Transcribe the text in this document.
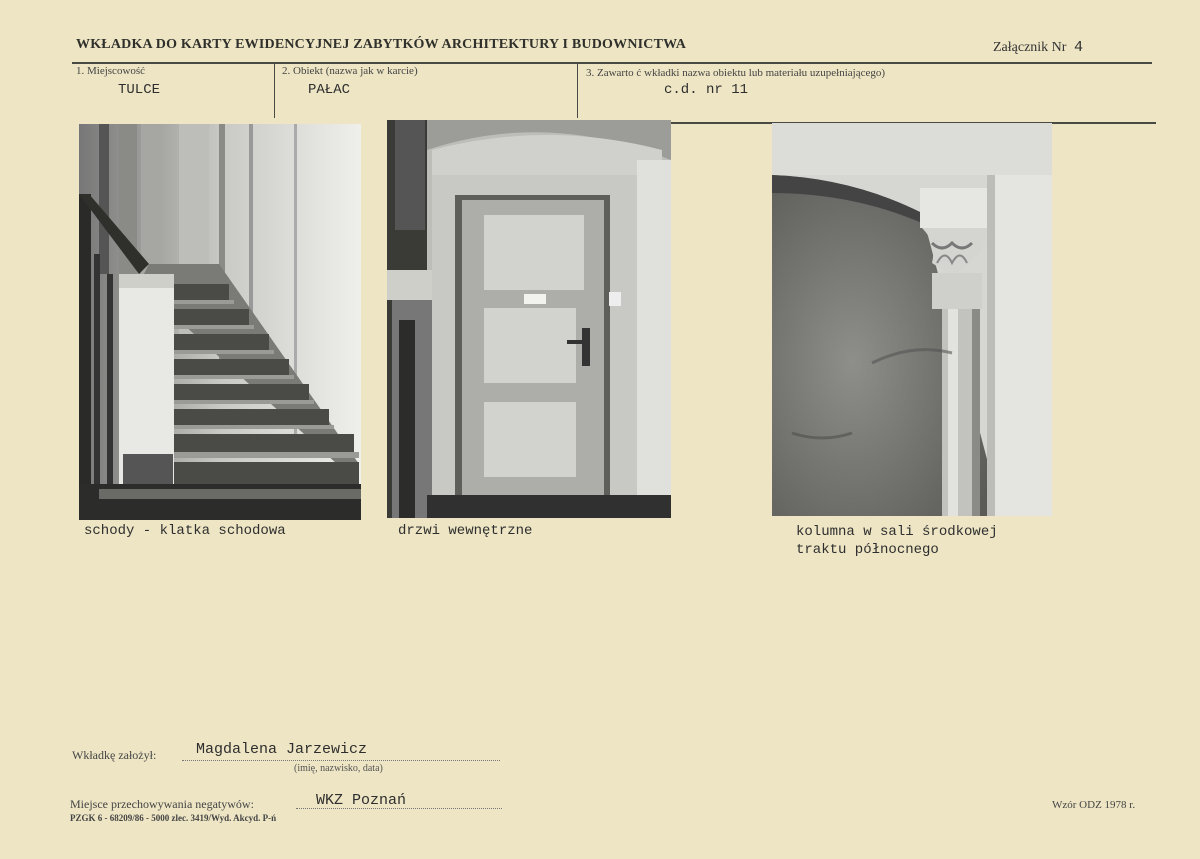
WKŁADKA DO KARTY EWIDENCYJNEJ ZABYTKÓW ARCHITEKTURY I BUDOWNICTWA	Załącznik Nr 4
1. Miejscowość	2. Obiekt (nazwa jak w karcie)	3. Zawarto ć wkładki nazwa obiektu lub materiału uzupełniającego)
TULCE	PAŁAC	c.d. nr 11
schody - klatka schodowa	drzwi wewnętrzne	kolumna w sali środkowej
traktu północnego
Wkładkę założył:	Magdalena Jarzewicz
(imię, nazwisko, data)
Miejsce przechowywania negatywów:	WKZ Poznań
PZGK 6 - 68209/86 - 5000 zlec. 3419/Wyd. Akcyd. P-ń
Wzór ODZ 1978 r.
